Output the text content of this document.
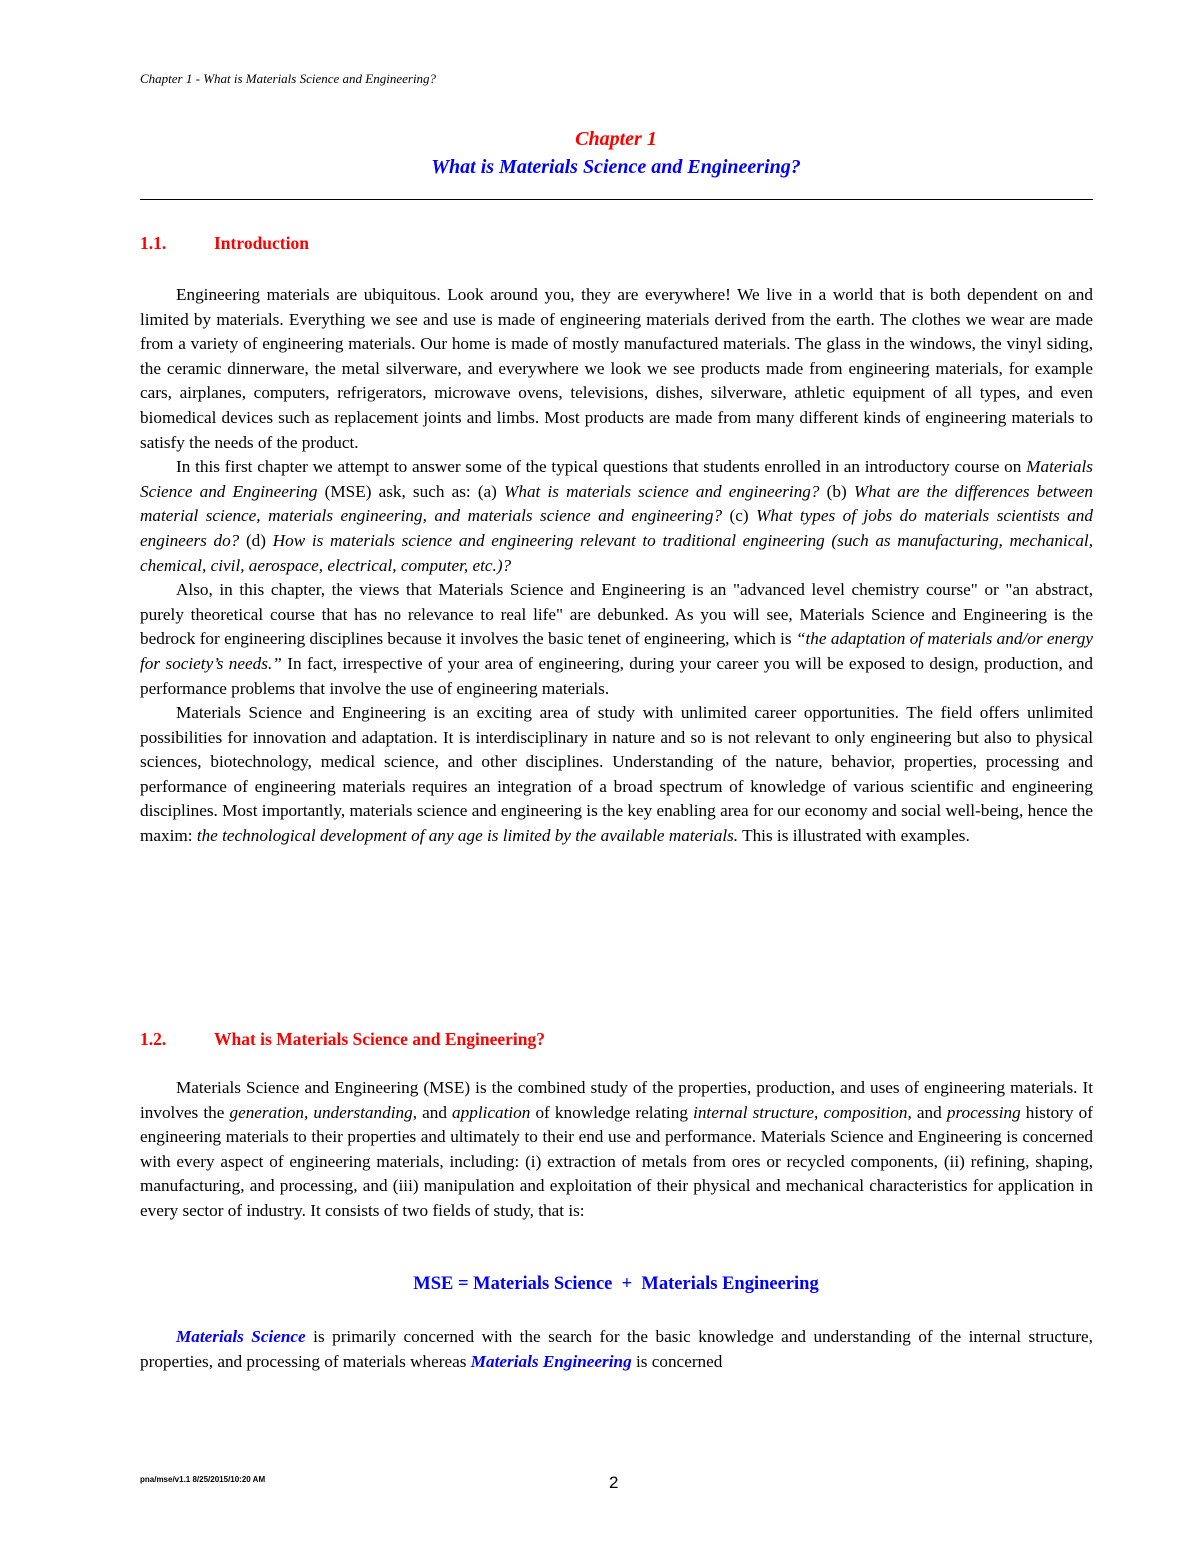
Chapter 1 - What is Materials Science and Engineering?
Chapter 1
What is Materials Science and Engineering?
1.1.	Introduction

Engineering materials are ubiquitous. Look around you, they are everywhere! We live in a world that is both dependent on and limited by materials. Everything we see and use is made of engineering materials derived from the earth. The clothes we wear are made from a variety of engineering materials. Our home is made of mostly manufactured materials. The glass in the windows, the vinyl siding, the ceramic dinnerware, the metal silverware, and everywhere we look we see products made from engineering materials, for example cars, airplanes, computers, refrigerators, microwave ovens, televisions, dishes, silverware, athletic equipment of all types, and even biomedical devices such as replacement joints and limbs. Most products are made from many different kinds of engineering materials to satisfy the needs of the product.

In this first chapter we attempt to answer some of the typical questions that students enrolled in an introductory course on Materials Science and Engineering (MSE) ask, such as: (a) What is materials science and engineering? (b) What are the differences between material science, materials engineering, and materials science and engineering? (c) What types of jobs do materials scientists and engineers do? (d) How is materials science and engineering relevant to traditional engineering (such as manufacturing, mechanical, chemical, civil, aerospace, electrical, computer, etc.)?

Also, in this chapter, the views that Materials Science and Engineering is an "advanced level chemistry course" or "an abstract, purely theoretical course that has no relevance to real life" are debunked. As you will see, Materials Science and Engineering is the bedrock for engineering disciplines because it involves the basic tenet of engineering, which is “the adaptation of materials and/or energy for society’s needs.” In fact, irrespective of your area of engineering, during your career you will be exposed to design, production, and performance problems that involve the use of engineering materials.

Materials Science and Engineering is an exciting area of study with unlimited career opportunities. The field offers unlimited possibilities for innovation and adaptation. It is interdisciplinary in nature and so is not relevant to only engineering but also to physical sciences, biotechnology, medical science, and other disciplines. Understanding of the nature, behavior, properties, processing and performance of engineering materials requires an integration of a broad spectrum of knowledge of various scientific and engineering disciplines. Most importantly, materials science and engineering is the key enabling area for our economy and social well-being, hence the maxim: the technological development of any age is limited by the available materials. This is illustrated with examples.

1.2.	What is Materials Science and Engineering?

Materials Science and Engineering (MSE) is the combined study of the properties, production, and uses of engineering materials. It involves the generation, understanding, and application of knowledge relating internal structure, composition, and processing history of engineering materials to their properties and ultimately to their end use and performance. Materials Science and Engineering is concerned with every aspect of engineering materials, including: (i) extraction of metals from ores or recycled components, (ii) refining, shaping, manufacturing, and processing, and (iii) manipulation and exploitation of their physical and mechanical characteristics for application in every sector of industry. It consists of two fields of study, that is:

MSE = Materials Science  +  Materials Engineering

Materials Science is primarily concerned with the search for the basic knowledge and understanding of the internal structure, properties, and processing of materials whereas Materials Engineering is concerned

pna/mse/v1.1 8/25/2015/10:20 AM	2
